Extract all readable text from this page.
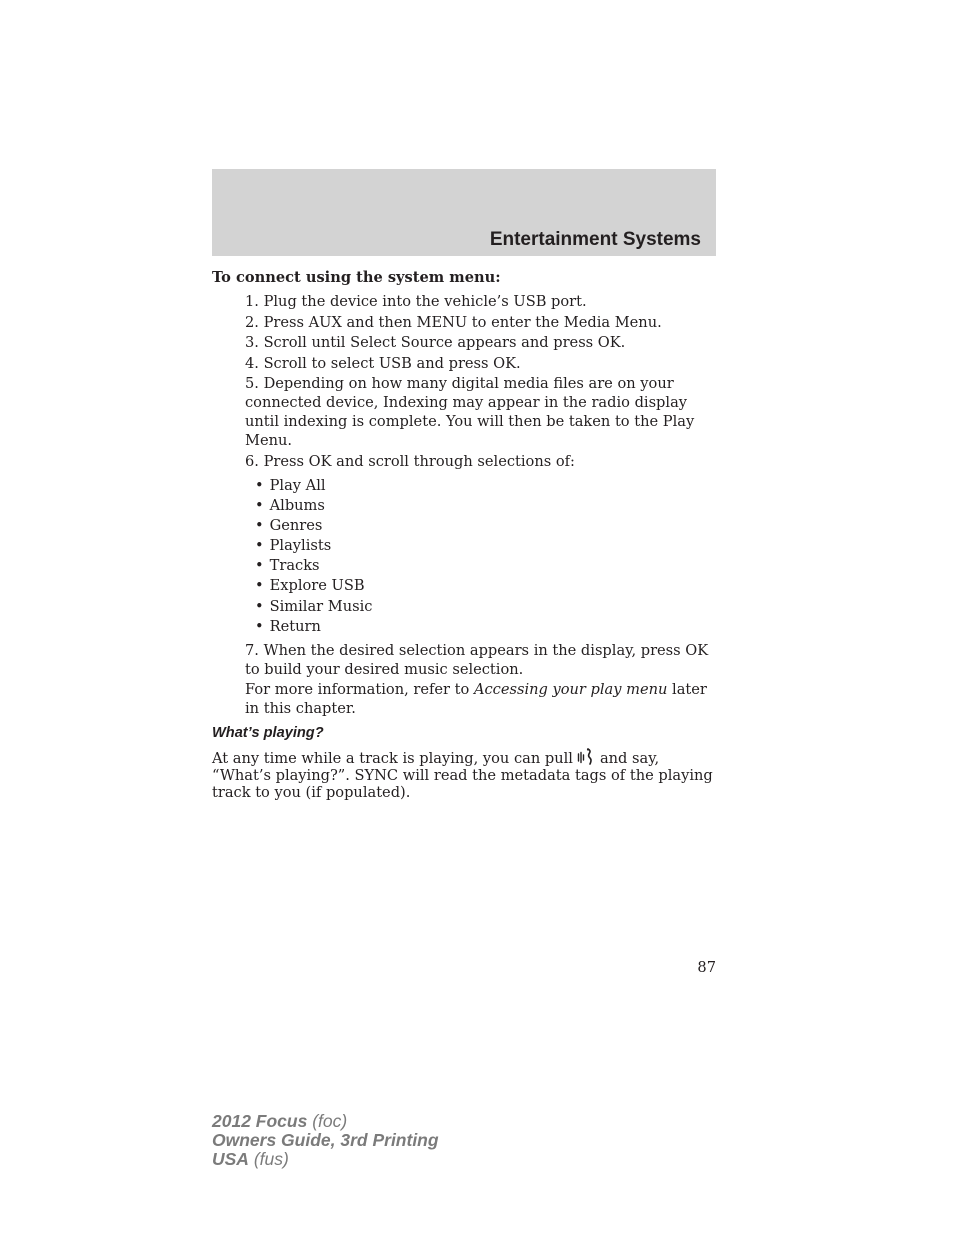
Entertainment Systems

To connect using the system menu:

1. Plug the device into the vehicle’s USB port.
2. Press AUX and then MENU to enter the Media Menu.
3. Scroll until Select Source appears and press OK.
4. Scroll to select USB and press OK.
5. Depending on how many digital media files are on your connected device, Indexing may appear in the radio display until indexing is complete. You will then be taken to the Play Menu.
6. Press OK and scroll through selections of:
• Play All
• Albums
• Genres
• Playlists
• Tracks
• Explore USB
• Similar Music
• Return

7. When the desired selection appears in the display, press OK to build your desired music selection.

For more information, refer to Accessing your play menu later in this chapter.

What’s playing?

At any time while a track is playing, you can pull and say, “What’s playing?”. SYNC will read the metadata tags of the playing track to you (if populated).

87
2012 Focus (foc)
Owners Guide, 3rd Printing
USA (fus)
